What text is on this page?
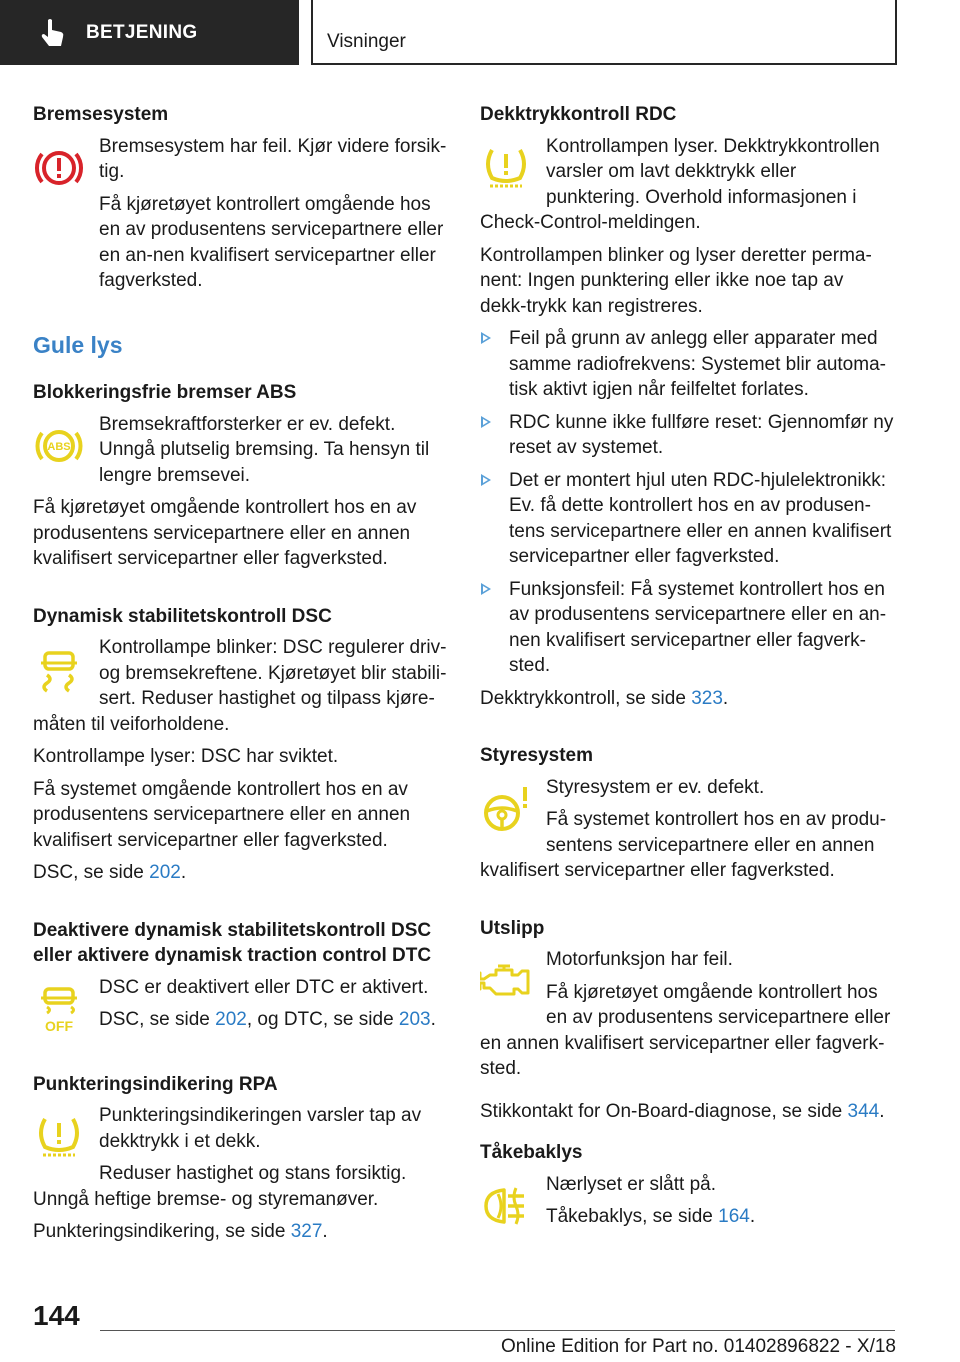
BETJENING	Visninger
Bremsesystem
Bremsesystem har feil. Kjør videre forsik-tig.
Få kjøretøyet kontrollert omgående hos en av produsentens servicepartnere eller en an-nen kvalifisert servicepartner eller fagverksted.
Gule lys
Blokkeringsfrie bremser ABS
ABS
Bremsekraftforsterker er ev. defekt. Unngå plutselig bremsing. Ta hensyn til lengre bremsevei.
Få kjøretøyet omgående kontrollert hos en av produsentens servicepartnere eller en annen kvalifisert servicepartner eller fagverksted.
Dynamisk stabilitetskontroll DSC
Kontrollampe blinker: DSC regulerer driv- og bremsekreftene. Kjøretøyet blir stabili-sert. Reduser hastighet og tilpass kjøre-måten til veiforholdene.
Kontrollampe lyser: DSC har sviktet.
Få systemet omgående kontrollert hos en av produsentens servicepartnere eller en annen kvalifisert servicepartner eller fagverksted.
DSC, se side 202.
Deaktivere dynamisk stabilitetskontroll DSC eller aktivere dynamisk traction control DTC
OFF
DSC er deaktivert eller DTC er aktivert.
DSC, se side 202, og DTC, se side 203.
Punkteringsindikering RPA
Punkteringsindikeringen varsler tap av dekktrykk i et dekk.
Reduser hastighet og stans forsiktig. Unngå heftige bremse- og styremanøver.
Punkteringsindikering, se side 327.
Dekktrykkontroll RDC
Kontrollampen lyser. Dekktrykkontrollen varsler om lavt dekktrykk eller punktering. Overhold informasjonen i Check-Control-meldingen.
Kontrollampen blinker og lyser deretter perma-nent: Ingen punktering eller ikke noe tap av dekk-trykk kan registreres.
Feil på grunn av anlegg eller apparater med samme radiofrekvens: Systemet blir automa-tisk aktivt igjen når feilfeltet forlates.
RDC kunne ikke fullføre reset: Gjennomfør ny reset av systemet.
Det er montert hjul uten RDC-hjulelektronikk: Ev. få dette kontrollert hos en av produsen-tens servicepartnere eller en annen kvalifisert servicepartner eller fagverksted.
Funksjonsfeil: Få systemet kontrollert hos en av produsentens servicepartnere eller en an-nen kvalifisert servicepartner eller fagverk-sted.
Dekktrykkontroll, se side 323.
Styresystem
Styresystem er ev. defekt.
Få systemet kontrollert hos en av produ-sentens servicepartnere eller en annen kvalifisert servicepartner eller fagverksted.
Utslipp
Motorfunksjon har feil.
Få kjøretøyet omgående kontrollert hos en av produsentens servicepartnere eller en annen kvalifisert servicepartner eller fagverk-sted.
Stikkontakt for On-Board-diagnose, se side 344.
Tåkebaklys
Nærlyset er slått på.
Tåkebaklys, se side 164.
144
Online Edition for Part no. 01402896822 - X/18
